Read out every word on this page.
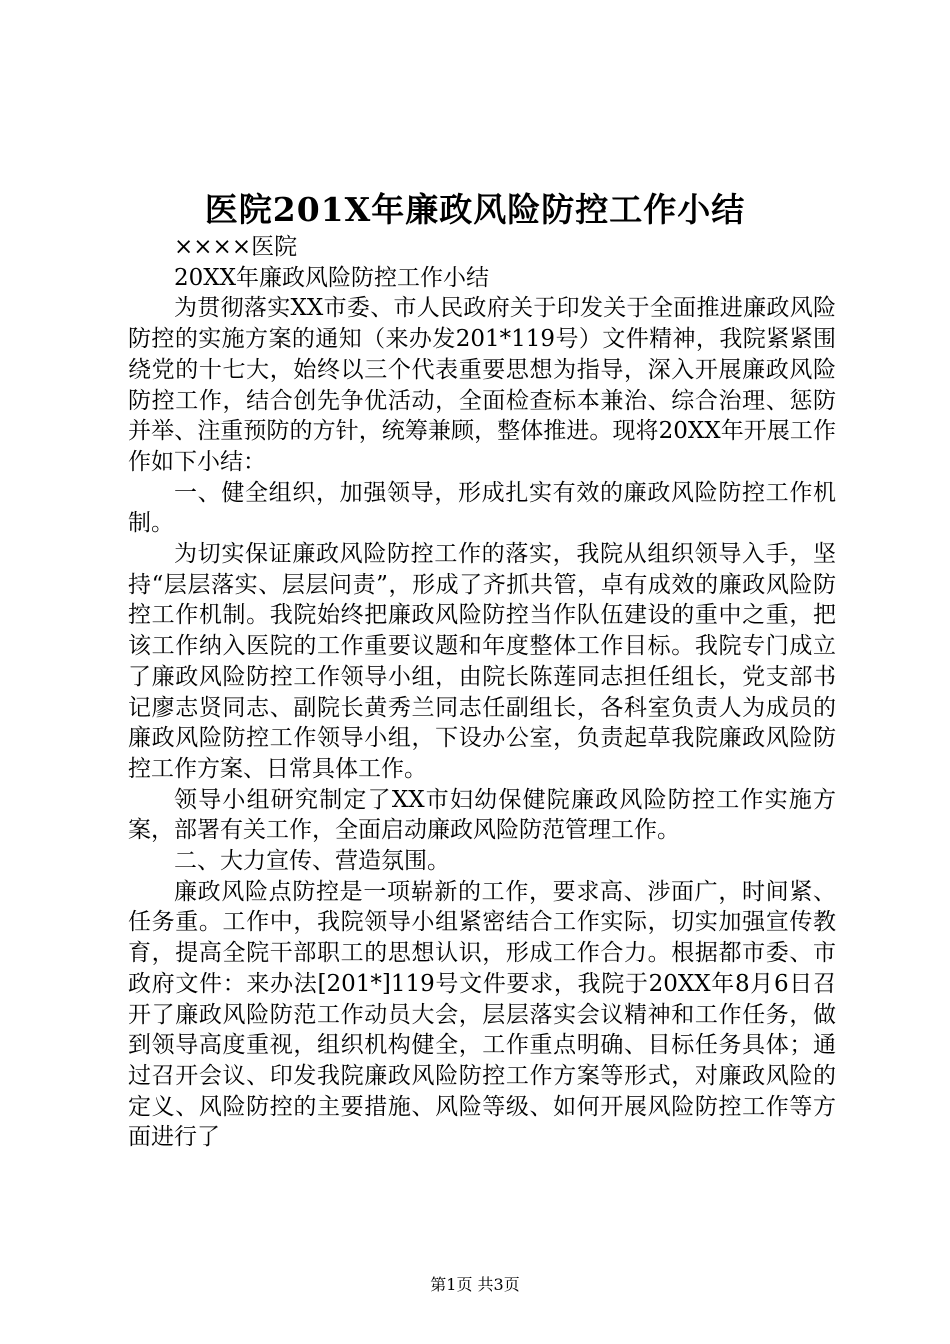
医院201X年廉政风险防控工作小结

××××医院

20XX年廉政风险防控工作小结

为贯彻落实XX市委、市人民政府关于印发关于全面推进廉政风险防控的实施方案的通知（来办发201*119号）文件精神，我院紧紧围绕党的十七大，始终以三个代表重要思想为指导，深入开展廉政风险防控工作，结合创先争优活动，全面检查标本兼治、综合治理、惩防并举、注重预防的方针，统筹兼顾，整体推进。现将20XX年开展工作作如下小结：

一、健全组织，加强领导，形成扎实有效的廉政风险防控工作机制。

为切实保证廉政风险防控工作的落实，我院从组织领导入手，坚持“层层落实、层层问责”，形成了齐抓共管，卓有成效的廉政风险防控工作机制。我院始终把廉政风险防控当作队伍建设的重中之重，把该工作纳入医院的工作重要议题和年度整体工作目标。我院专门成立了廉政风险防控工作领导小组，由院长陈莲同志担任组长，党支部书记廖志贤同志、副院长黄秀兰同志任副组长，各科室负责人为成员的廉政风险防控工作领导小组，下设办公室，负责起草我院廉政风险防控工作方案、日常具体工作。

领导小组研究制定了XX市妇幼保健院廉政风险防控工作实施方案，部署有关工作，全面启动廉政风险防范管理工作。

二、大力宣传、营造氛围。

廉政风险点防控是一项崭新的工作，要求高、涉面广，时间紧、任务重。工作中，我院领导小组紧密结合工作实际，切实加强宣传教育，提高全院干部职工的思想认识，形成工作合力。根据都市委、市政府文件：来办法[201*]119号文件要求，我院于20XX年8月6日召开了廉政风险防范工作动员大会，层层落实会议精神和工作任务，做到领导高度重视，组织机构健全，工作重点明确、目标任务具体；通过召开会议、印发我院廉政风险防控工作方案等形式，对廉政风险的定义、风险防控的主要措施、风险等级、如何开展风险防控工作等方面进行了

第1页 共3页
